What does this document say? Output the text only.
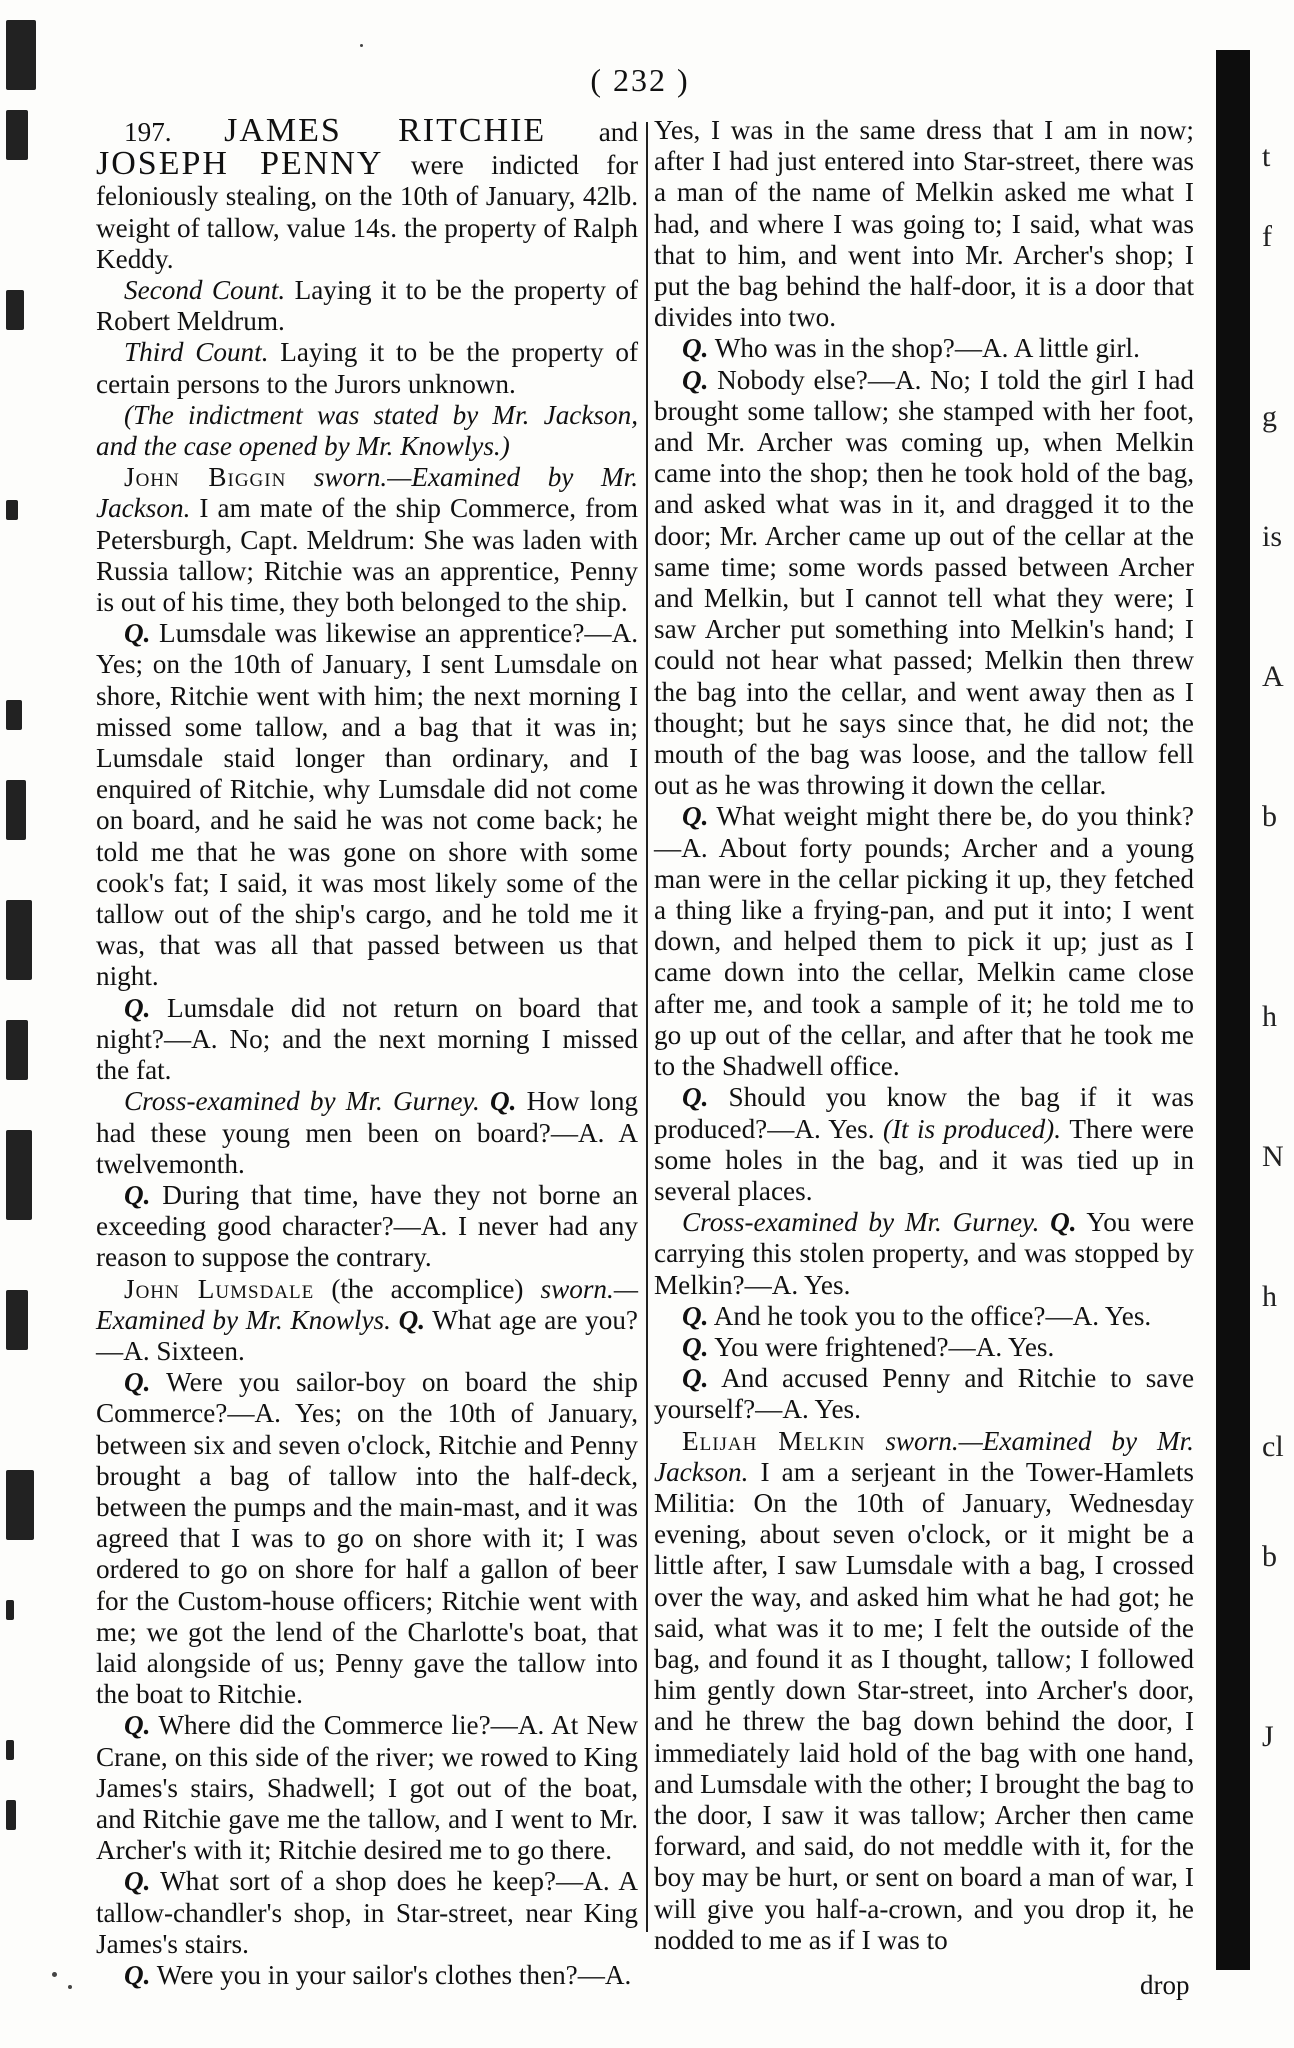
( 232 )

197. JAMES RITCHIE and JOSEPH PENNY were indicted for feloniously stealing, on the 10th of January, 42lb. weight of tallow, value 14s. the property of Ralph Keddy.

Second Count. Laying it to be the property of Robert Meldrum.

Third Count. Laying it to be the property of certain persons to the Jurors unknown.

(The indictment was stated by Mr. Jackson, and the case opened by Mr. Knowlys.)

John Biggin sworn.—Examined by Mr. Jackson. I am mate of the ship Commerce, from Petersburgh, Capt. Meldrum: She was laden with Russia tallow; Ritchie was an apprentice, Penny is out of his time, they both belonged to the ship.

Q. Lumsdale was likewise an apprentice?—A. Yes; on the 10th of January, I sent Lumsdale on shore, Ritchie went with him; the next morning I missed some tallow, and a bag that it was in; Lumsdale staid longer than ordinary, and I enquired of Ritchie, why Lumsdale did not come on board, and he said he was not come back; he told me that he was gone on shore with some cook's fat; I said, it was most likely some of the tallow out of the ship's cargo, and he told me it was, that was all that passed between us that night.

Q. Lumsdale did not return on board that night?—A. No; and the next morning I missed the fat.

Cross-examined by Mr. Gurney. Q. How long had these young men been on board?—A. A twelvemonth.

Q. During that time, have they not borne an exceeding good character?—A. I never had any reason to suppose the contrary.

John Lumsdale (the accomplice) sworn.—Examined by Mr. Knowlys. Q. What age are you?—A. Sixteen.

Q. Were you sailor-boy on board the ship Commerce?—A. Yes; on the 10th of January, between six and seven o'clock, Ritchie and Penny brought a bag of tallow into the half-deck, between the pumps and the main-mast, and it was agreed that I was to go on shore with it; I was ordered to go on shore for half a gallon of beer for the Custom-house officers; Ritchie went with me; we got the lend of the Charlotte's boat, that laid alongside of us; Penny gave the tallow into the boat to Ritchie.

Q. Where did the Commerce lie?—A. At New Crane, on this side of the river; we rowed to King James's stairs, Shadwell; I got out of the boat, and Ritchie gave me the tallow, and I went to Mr. Archer's with it; Ritchie desired me to go there.

Q. What sort of a shop does he keep?—A. A tallow-chandler's shop, in Star-street, near King James's stairs.

Q. Were you in your sailor's clothes then?—A.

Yes, I was in the same dress that I am in now; after I had just entered into Star-street, there was a man of the name of Melkin asked me what I had, and where I was going to; I said, what was that to him, and went into Mr. Archer's shop; I put the bag behind the half-door, it is a door that divides into two.

Q. Who was in the shop?—A. A little girl.

Q. Nobody else?—A. No; I told the girl I had brought some tallow; she stamped with her foot, and Mr. Archer was coming up, when Melkin came into the shop; then he took hold of the bag, and asked what was in it, and dragged it to the door; Mr. Archer came up out of the cellar at the same time; some words passed between Archer and Melkin, but I cannot tell what they were; I saw Archer put something into Melkin's hand; I could not hear what passed; Melkin then threw the bag into the cellar, and went away then as I thought; but he says since that, he did not; the mouth of the bag was loose, and the tallow fell out as he was throwing it down the cellar.

Q. What weight might there be, do you think?—A. About forty pounds; Archer and a young man were in the cellar picking it up, they fetched a thing like a frying-pan, and put it into; I went down, and helped them to pick it up; just as I came down into the cellar, Melkin came close after me, and took a sample of it; he told me to go up out of the cellar, and after that he took me to the Shadwell office.

Q. Should you know the bag if it was produced?—A. Yes. (It is produced). There were some holes in the bag, and it was tied up in several places.

Cross-examined by Mr. Gurney. Q. You were carrying this stolen property, and was stopped by Melkin?—A. Yes.

Q. And he took you to the office?—A. Yes.

Q. You were frightened?—A. Yes.

Q. And accused Penny and Ritchie to save yourself?—A. Yes.

Elijah Melkin sworn.—Examined by Mr. Jackson. I am a serjeant in the Tower-Hamlets Militia: On the 10th of January, Wednesday evening, about seven o'clock, or it might be a little after, I saw Lumsdale with a bag, I crossed over the way, and asked him what he had got; he said, what was it to me; I felt the outside of the bag, and found it as I thought, tallow; I followed him gently down Star-street, into Archer's door, and he threw the bag down behind the door, I immediately laid hold of the bag with one hand, and Lumsdale with the other; I brought the bag to the door, I saw it was tallow; Archer then came forward, and said, do not meddle with it, for the boy may be hurt, or sent on board a man of war, I will give you half-a-crown, and you drop it, he nodded to me as if I was to

drop
t
f
g
is
A
b
h
N
h
cl
b
J
